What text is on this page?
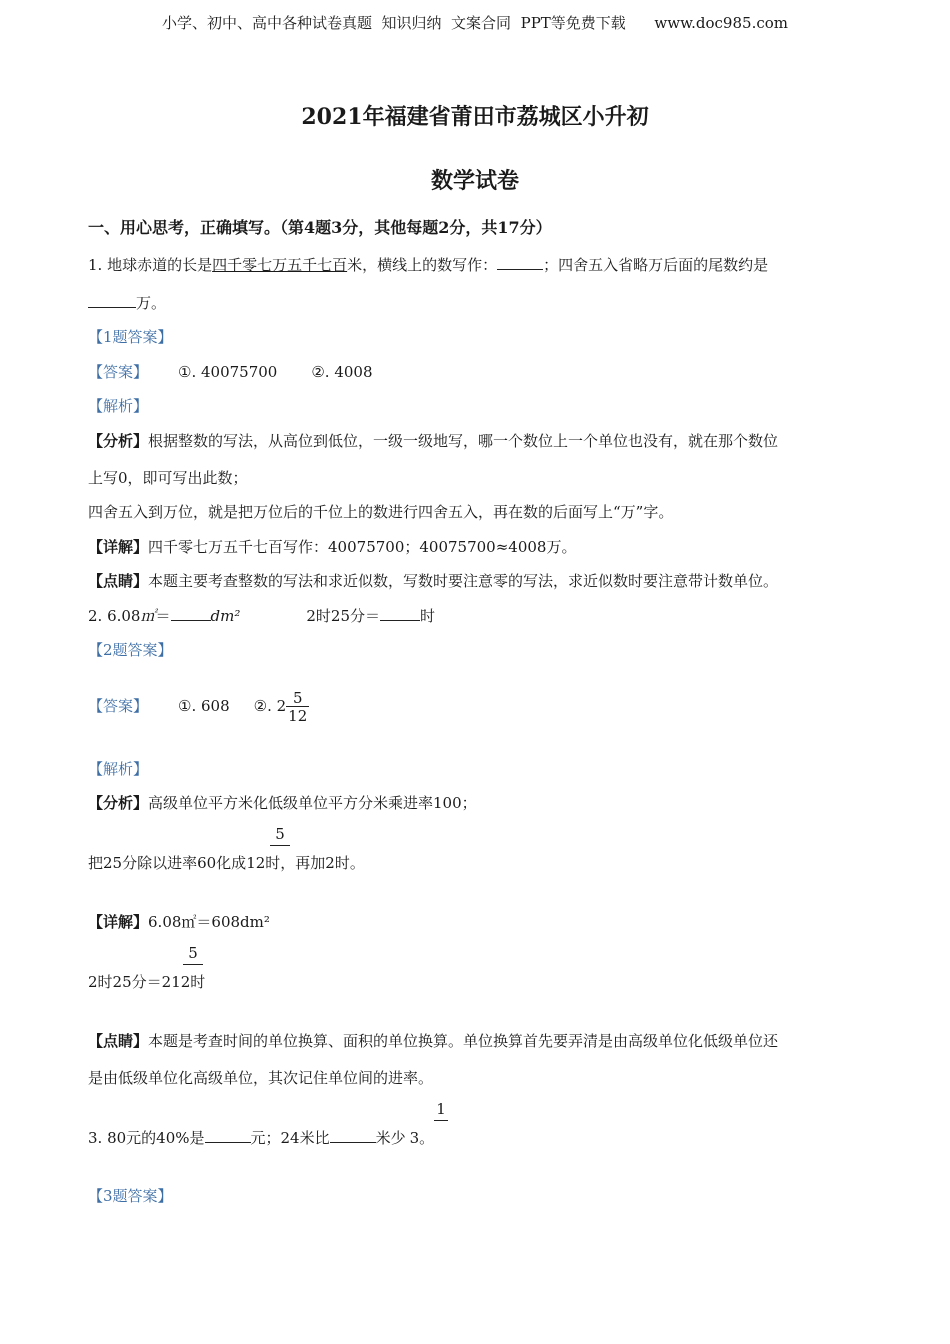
小学、初中、高中各种试卷真题  知识归纳  文案合同  PPT等免费下载      www.doc985.com
2021年福建省莆田市荔城区小升初
数学试卷
一、用心思考，正确填写。（第4题3分，其他每题2分，共17分）
1. 地球赤道的长是四千零七万五千七百米，横线上的数写作：	；四舍五入省略万后面的尾数约是
万。
【1题答案】
【答案】 ①. 40075700 ②. 4008
【解析】
【分析】根据整数的写法，从高位到低位，一级一级地写，哪一个数位上一个单位也没有，就在那个数位
上写0，即可写出此数；
四舍五入到万位，就是把万位后的千位上的数进行四舍五入，再在数的后面写上“万”字。
【详解】四千零七万五千七百写作：40075700；40075700≈4008万。
【点睛】本题主要考查整数的写法和求近似数，写数时要注意零的写法，求近似数时要注意带计数单位。
2. 6.08㎡＝	dm²	2时25分＝	时
【2题答案】
【答案】 ①. 608 ②. $2 \frac{5}{12}$
【解析】
【分析】高级单位平方米化低级单位平方分米乘进率100；
5
把25分除以进率60化成12时，再加2时。
【详解】6.08㎡＝608dm²
5
2时25分＝212时
【点睛】本题是考查时间的单位换算、面积的单位换算。单位换算首先要弄清是由高级单位化低级单位还
是由低级单位化高级单位，其次记住单位间的进率。
1
3. 80元的40%是	元；24米比	米少 3。
【3题答案】
